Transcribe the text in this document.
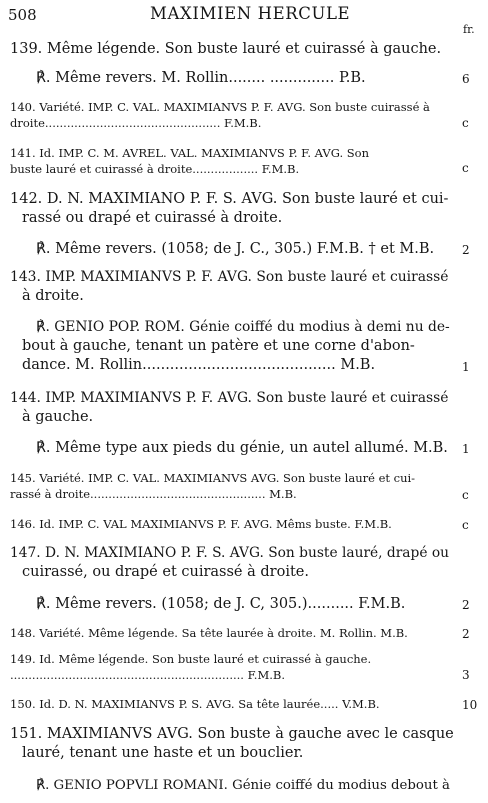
508	MAXIMIEN HERCULE
fr.
139. Même légende. Son buste lauré et cuirassé à gauche.
℟. Même revers. M. Rollin........ .............. P.B.	6
140. Variété. IMP. C. VAL. MAXIMIANVS P. F. AVG. Son buste cuirassé à
droite................................................ F.M.B.	c
141. Id. IMP. C. M. AVREL. VAL. MAXIMIANVS P. F. AVG. Son
buste lauré et cuirassé à droite.................. F.M.B.	c
142. D. N. MAXIMIANO P. F. S. AVG. Son buste lauré et cui-
rassé ou drapé et cuirassé à droite.
℟. Même revers. (1058; de J. C., 305.) F.M.B. † et M.B.	2
143. IMP. MAXIMIANVS P. F. AVG. Son buste lauré et cuirassé
à droite.
℟. GENIO POP. ROM. Génie coiffé du modius à demi nu de-
bout à gauche, tenant un patère et une corne d'abon-
dance. M. Rollin.......................................... M.B.	1
144. IMP. MAXIMIANVS P. F. AVG. Son buste lauré et cuirassé
à gauche.
℟. Même type aux pieds du génie, un autel allumé. M.B.	1
145. Variété. IMP. C. VAL. MAXIMIANVS AVG. Son buste lauré et cui-
rassé à droite................................................ M.B.	c
146. Id. IMP. C. VAL MAXIMIANVS P. F. AVG. Mêms buste. F.M.B.	c
147. D. N. MAXIMIANO P. F. S. AVG. Son buste lauré, drapé ou
cuirassé, ou drapé et cuirassé à droite.
℟. Même revers. (1058; de J. C, 305.).......... F.M.B.	2
148. Variété. Même légende. Sa tête laurée à droite. M. Rollin. M.B.	2
149. Id. Même légende. Son buste lauré et cuirassé à gauche.
................................................................ F.M.B.	3
150. Id. D. N. MAXIMIANVS P. S. AVG. Sa tête laurée..... V.M.B.	10
151. MAXIMIANVS AVG. Son buste à gauche avec le casque
lauré, tenant une haste et un bouclier.
℟. GENIO POPVLI ROMANI. Génie coiffé du modius debout à
